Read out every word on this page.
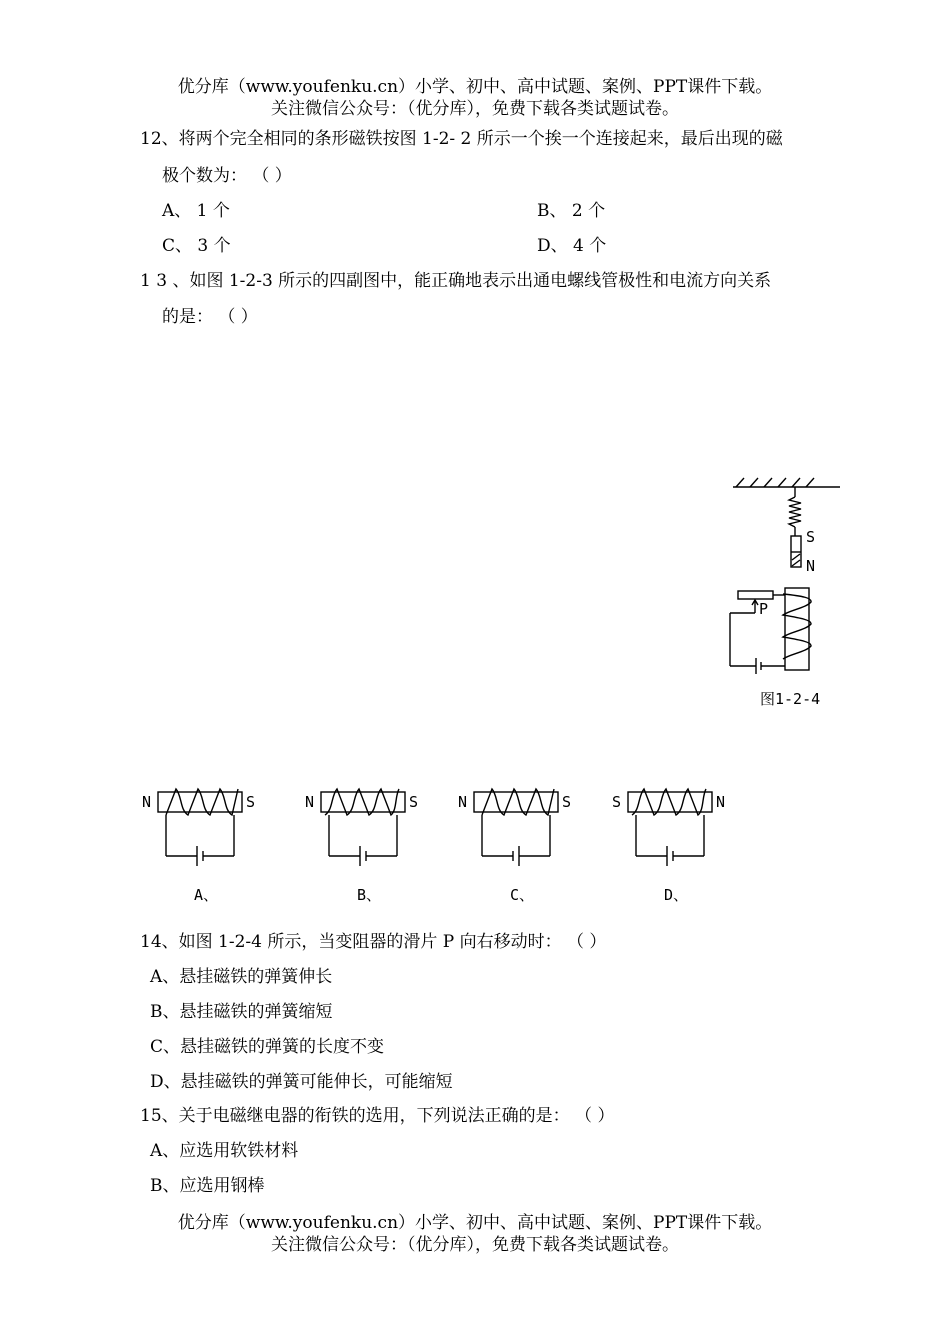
优分库（www.youfenku.cn）小学、初中、高中试题、案例、PPT课件下载。
关注微信公众号：（优分库），免费下载各类试题试卷。
12、将两个完全相同的条形磁铁按图 1-2- 2 所示一个挨一个连接起来，最后出现的磁
极个数为： （ ）
A、 1 个	B、 2 个
C、 3 个	D、 4 个
1 3 、如图 1-2-3 所示的四副图中，能正确地表示出通电螺线管极性和电流方向关系
的是： （ ）
S
N
P
图1-2-4
N	S
A、
N	S
B、
N	S
C、
S	N
D、
14、如图 1-2-4 所示，当变阻器的滑片 P 向右移动时： （ ）
A、悬挂磁铁的弹簧伸长
B、悬挂磁铁的弹簧缩短
C、悬挂磁铁的弹簧的长度不变
D、悬挂磁铁的弹簧可能伸长，可能缩短
15、关于电磁继电器的衔铁的选用，下列说法正确的是： （ ）
A、应选用软铁材料
B、应选用钢棒
优分库（www.youfenku.cn）小学、初中、高中试题、案例、PPT课件下载。
关注微信公众号：（优分库），免费下载各类试题试卷。
